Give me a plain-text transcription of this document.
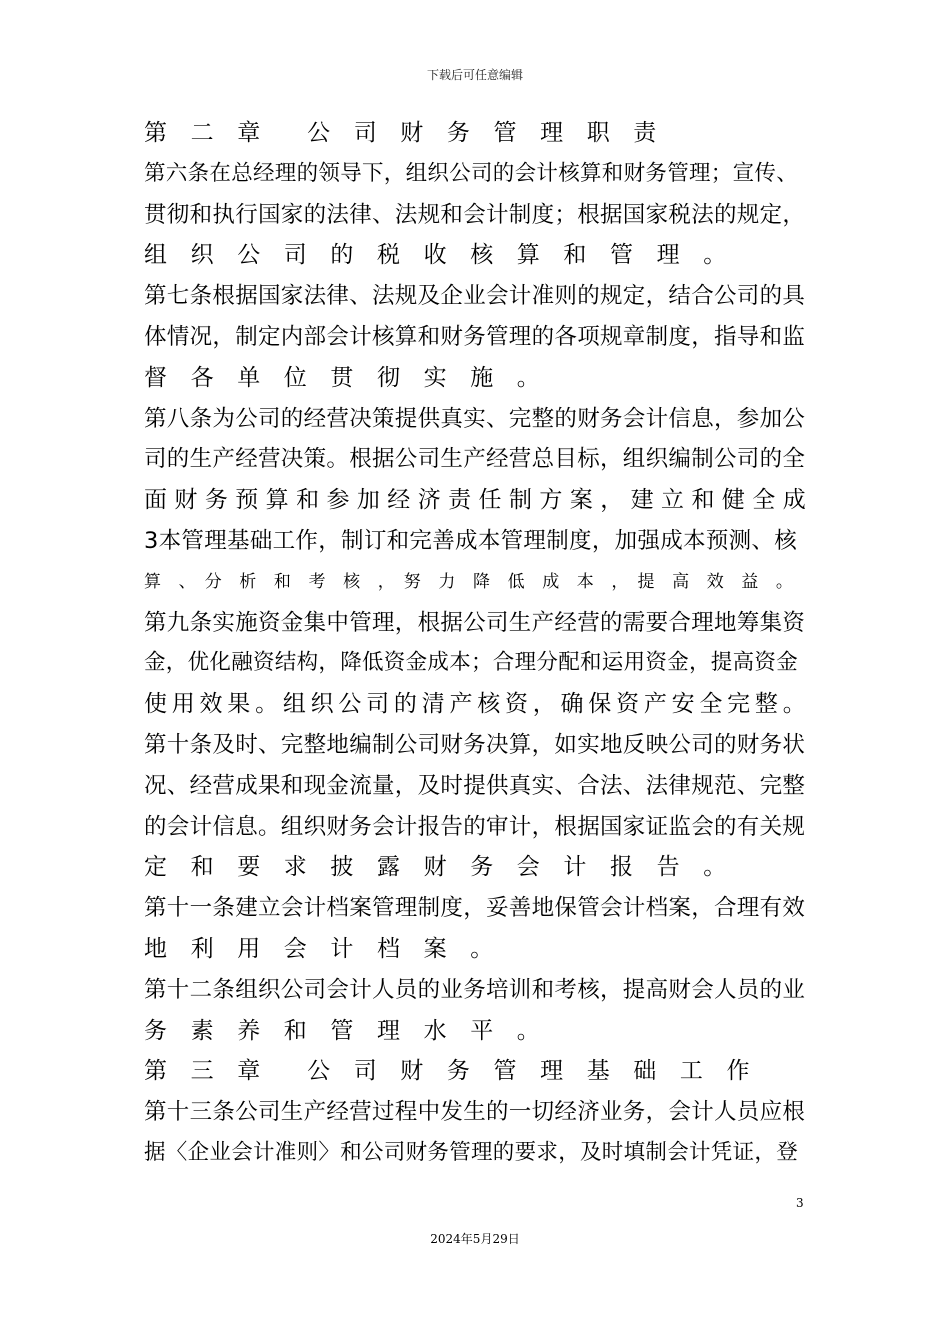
下载后可任意编辑
第　二　章　　公　司　财　务　管　理　职　责
第六条在总经理的领导下，组织公司的会计核算和财务管理；宣传、
贯彻和执行国家的法律、法规和会计制度；根据国家税法的规定，
组　织　公　司　的　税　收　核　算　和　管　理　。
第七条根据国家法律、法规及企业会计准则的规定，结合公司的具
体情况，制定内部会计核算和财务管理的各项规章制度，指导和监
督　各　单　位　贯　彻　实　施　。
第八条为公司的经营决策提供真实、完整的财务会计信息，参加公
司的生产经营决策。根据公司生产经营总目标，组织编制公司的全
面财务预算和参加经济责任制方案，建立和健全成
3本管理基础工作，制订和完善成本管理制度，加强成本预测、核
算　、　分　析　和　考　核　，　努　力　降　低　成　本　，　提　高　效　益　。
第九条实施资金集中管理，根据公司生产经营的需要合理地筹集资
金，优化融资结构，降低资金成本；合理分配和运用资金，提高资金
使用效果。组织公司的清产核资，确保资产安全完整。
第十条及时、完整地编制公司财务决算，如实地反映公司的财务状
况、经营成果和现金流量，及时提供真实、合法、法律规范、完整
的会计信息。组织财务会计报告的审计，根据国家证监会的有关规
定　和　要　求　披　露　财　务　会　计　报　告　。
第十一条建立会计档案管理制度，妥善地保管会计档案，合理有效
地　利　用　会　计　档　案　。
第十二条组织公司会计人员的业务培训和考核，提高财会人员的业
务　素　养　和　管　理　水　平　。
第　三　章　　公　司　财　务　管　理　基　础　工　作
第十三条公司生产经营过程中发生的一切经济业务，会计人员应根
据〈企业会计准则〉和公司财务管理的要求，及时填制会计凭证，登
3
2024年5月29日
